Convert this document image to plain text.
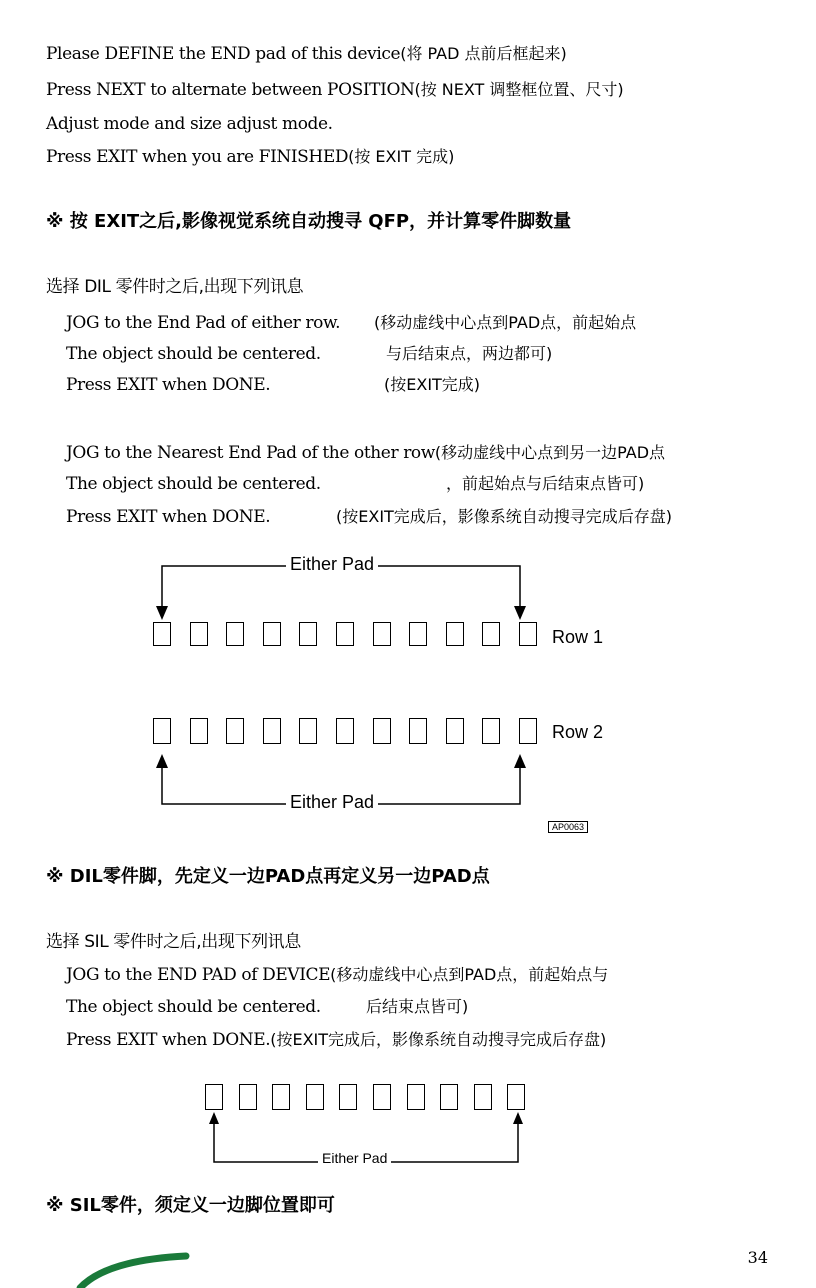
Please DEFINE the END pad of this device(将 PAD 点前后框起来)
Press NEXT to alternate between POSITION(按 NEXT 调整框位置、尺寸)
Adjust mode and size adjust mode.
Press EXIT when you are FINISHED(按 EXIT 完成)
※ 按 EXIT之后,影像视觉系统自动搜寻 QFP，并计算零件脚数量
选择 DIL 零件时之后,出现下列讯息
JOG to the End Pad of either row. (移动虚线中心点到PAD点，前起始点
The object should be centered.	与后结束点，两边都可)
Press EXIT when DONE.	(按EXIT完成)
JOG to the Nearest End Pad of the other row(移动虚线中心点到另一边PAD点
The object should be centered.	，前起始点与后结束点皆可)
Press EXIT when DONE.	(按EXIT完成后，影像系统自动搜寻完成后存盘)
Either Pad
Either Pad
Row 1
Row 2
AP0063
※ DIL零件脚，先定义一边PAD点再定义另一边PAD点
选择 SIL 零件时之后,出现下列讯息
JOG to the END PAD of DEVICE(移动虚线中心点到PAD点，前起始点与
The object should be centered.	后结束点皆可)
Press EXIT when DONE.(按EXIT完成后，影像系统自动搜寻完成后存盘)
Either Pad
※ SIL零件，须定义一边脚位置即可
34
